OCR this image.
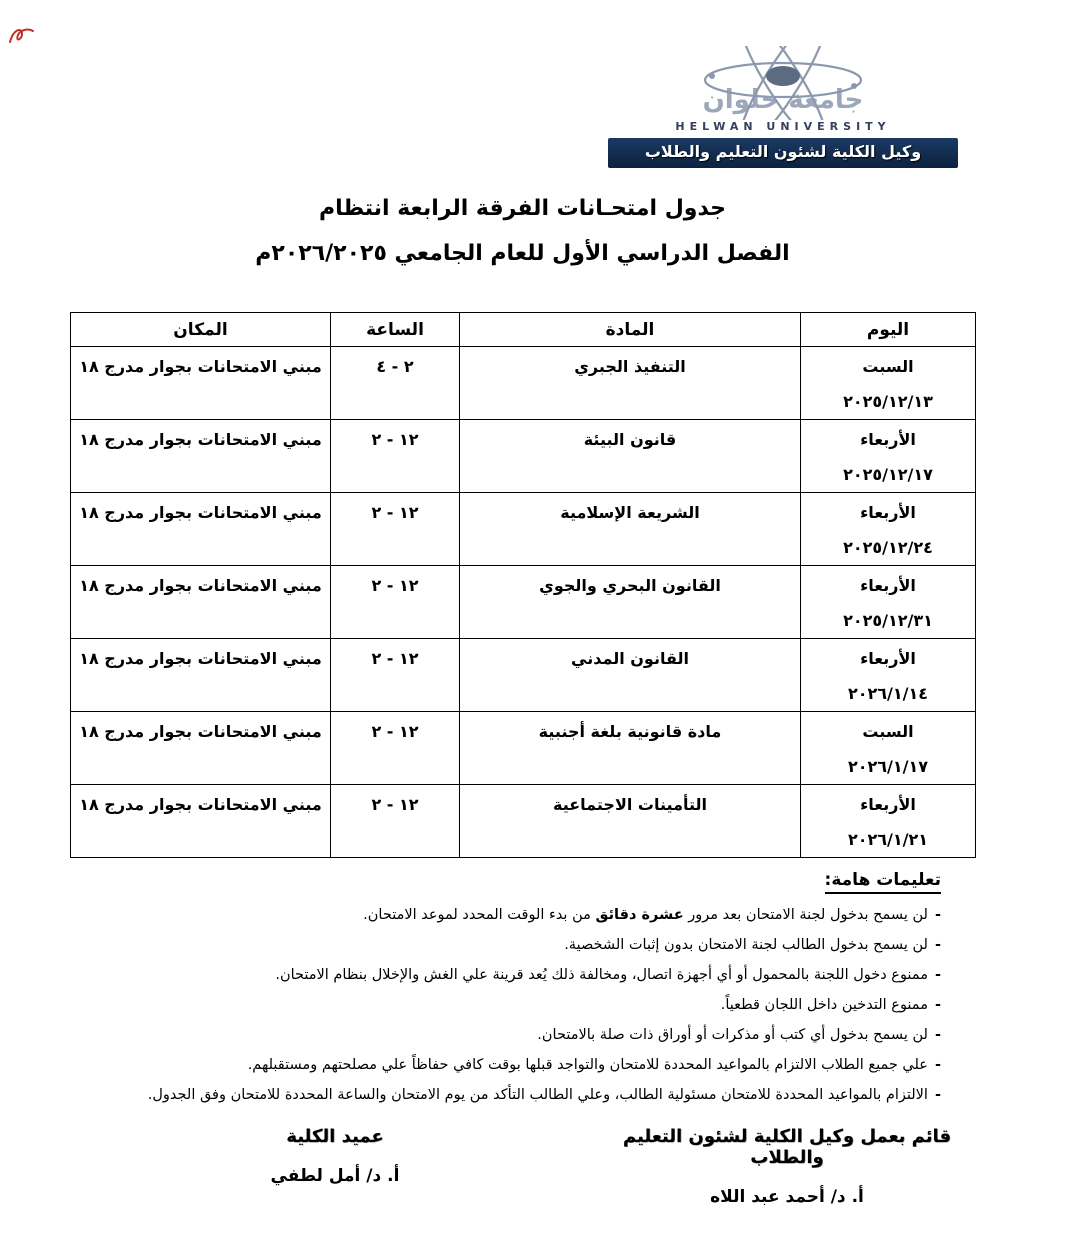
جامعة حلوان
HELWAN UNIVERSITY
وكيل الكلية لشئون التعليم والطلاب
جدول امتحـانات الفرقة الرابعة انتظام
الفصل الدراسي الأول للعام الجامعي ٢٠٢٦/٢٠٢٥م
اليوم	المادة	الساعة	المكان

السبت
٢٠٢٥/١٢/١٣	التنفيذ الجبري	٢ - ٤	مبني الامتحانات بجوار مدرج ١٨

الأربعاء
٢٠٢٥/١٢/١٧	قانون البيئة	١٢ - ٢	مبني الامتحانات بجوار مدرج ١٨

الأربعاء
٢٠٢٥/١٢/٢٤	الشريعة الإسلامية	١٢ - ٢	مبني الامتحانات بجوار مدرج ١٨

الأربعاء
٢٠٢٥/١٢/٣١	القانون البحري والجوي	١٢ - ٢	مبني الامتحانات بجوار مدرج ١٨

الأربعاء
٢٠٢٦/١/١٤	القانون المدني	١٢ - ٢	مبني الامتحانات بجوار مدرج ١٨

السبت
٢٠٢٦/١/١٧	مادة قانونية بلغة أجنبية	١٢ - ٢	مبني الامتحانات بجوار مدرج ١٨

الأربعاء
٢٠٢٦/١/٢١	التأمينات الاجتماعية	١٢ - ٢	مبني الامتحانات بجوار مدرج ١٨
تعليمات هامة:
-لن يسمح بدخول لجنة الامتحان بعد مرور عشرة دقائق من بدء الوقت المحدد لموعد الامتحان.
-لن يسمح بدخول الطالب لجنة الامتحان بدون إثبات الشخصية.
-ممنوع دخول اللجنة بالمحمول أو أي أجهزة اتصال، ومخالفة ذلك يُعد قرينة علي الغش والإخلال بنظام الامتحان.
-ممنوع التدخين داخل اللجان قطعياً.
-لن يسمح بدخول أي كتب أو مذكرات أو أوراق ذات صلة بالامتحان.
-علي جميع الطلاب الالتزام بالمواعيد المحددة للامتحان والتواجد قبلها بوقت كافي حفاظاً علي مصلحتهم ومستقبلهم.
-الالتزام بالمواعيد المحددة للامتحان مسئولية الطالب، وعلي الطالب التأكد من يوم الامتحان والساعة المحددة للامتحان وفق الجدول.
قائم بعمل وكيل الكلية لشئون التعليم والطلاب
أ. د/ أحمد عبد اللاه
عميد الكلية
أ. د/ أمل لطفي
